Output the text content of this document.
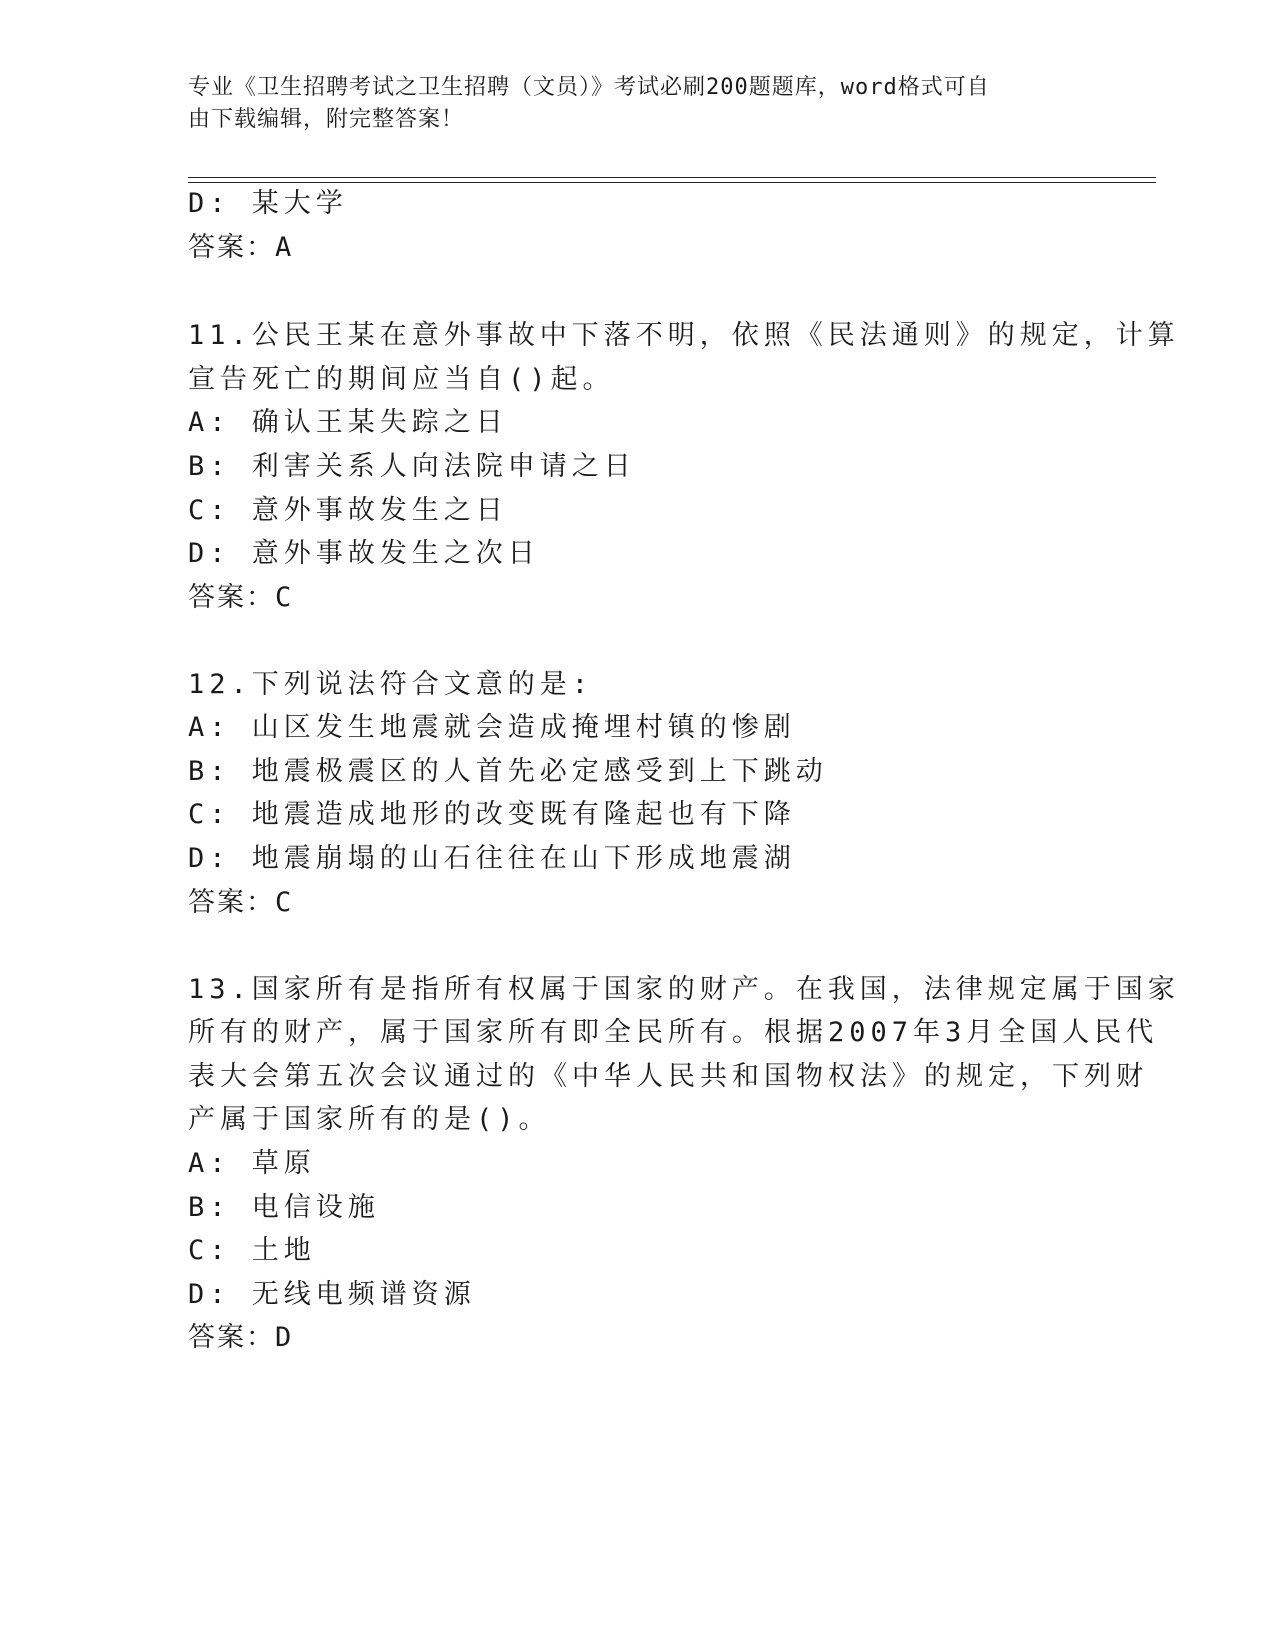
专业《卫生招聘考试之卫生招聘（文员）》考试必刷200题题库，word格式可自
由下载编辑，附完整答案！
D: 某大学
答案：A
11.公民王某在意外事故中下落不明，依照《民法通则》的规定，计算
宣告死亡的期间应当自()起。
A: 确认王某失踪之日
B: 利害关系人向法院申请之日
C: 意外事故发生之日
D: 意外事故发生之次日
答案：C
12.下列说法符合文意的是:
A: 山区发生地震就会造成掩埋村镇的惨剧
B: 地震极震区的人首先必定感受到上下跳动
C: 地震造成地形的改变既有隆起也有下降
D: 地震崩塌的山石往往在山下形成地震湖
答案：C
13.国家所有是指所有权属于国家的财产。在我国，法律规定属于国家
所有的财产，属于国家所有即全民所有。根据2007年3月全国人民代
表大会第五次会议通过的《中华人民共和国物权法》的规定，下列财
产属于国家所有的是()。
A: 草原
B: 电信设施
C: 土地
D: 无线电频谱资源
答案：D
